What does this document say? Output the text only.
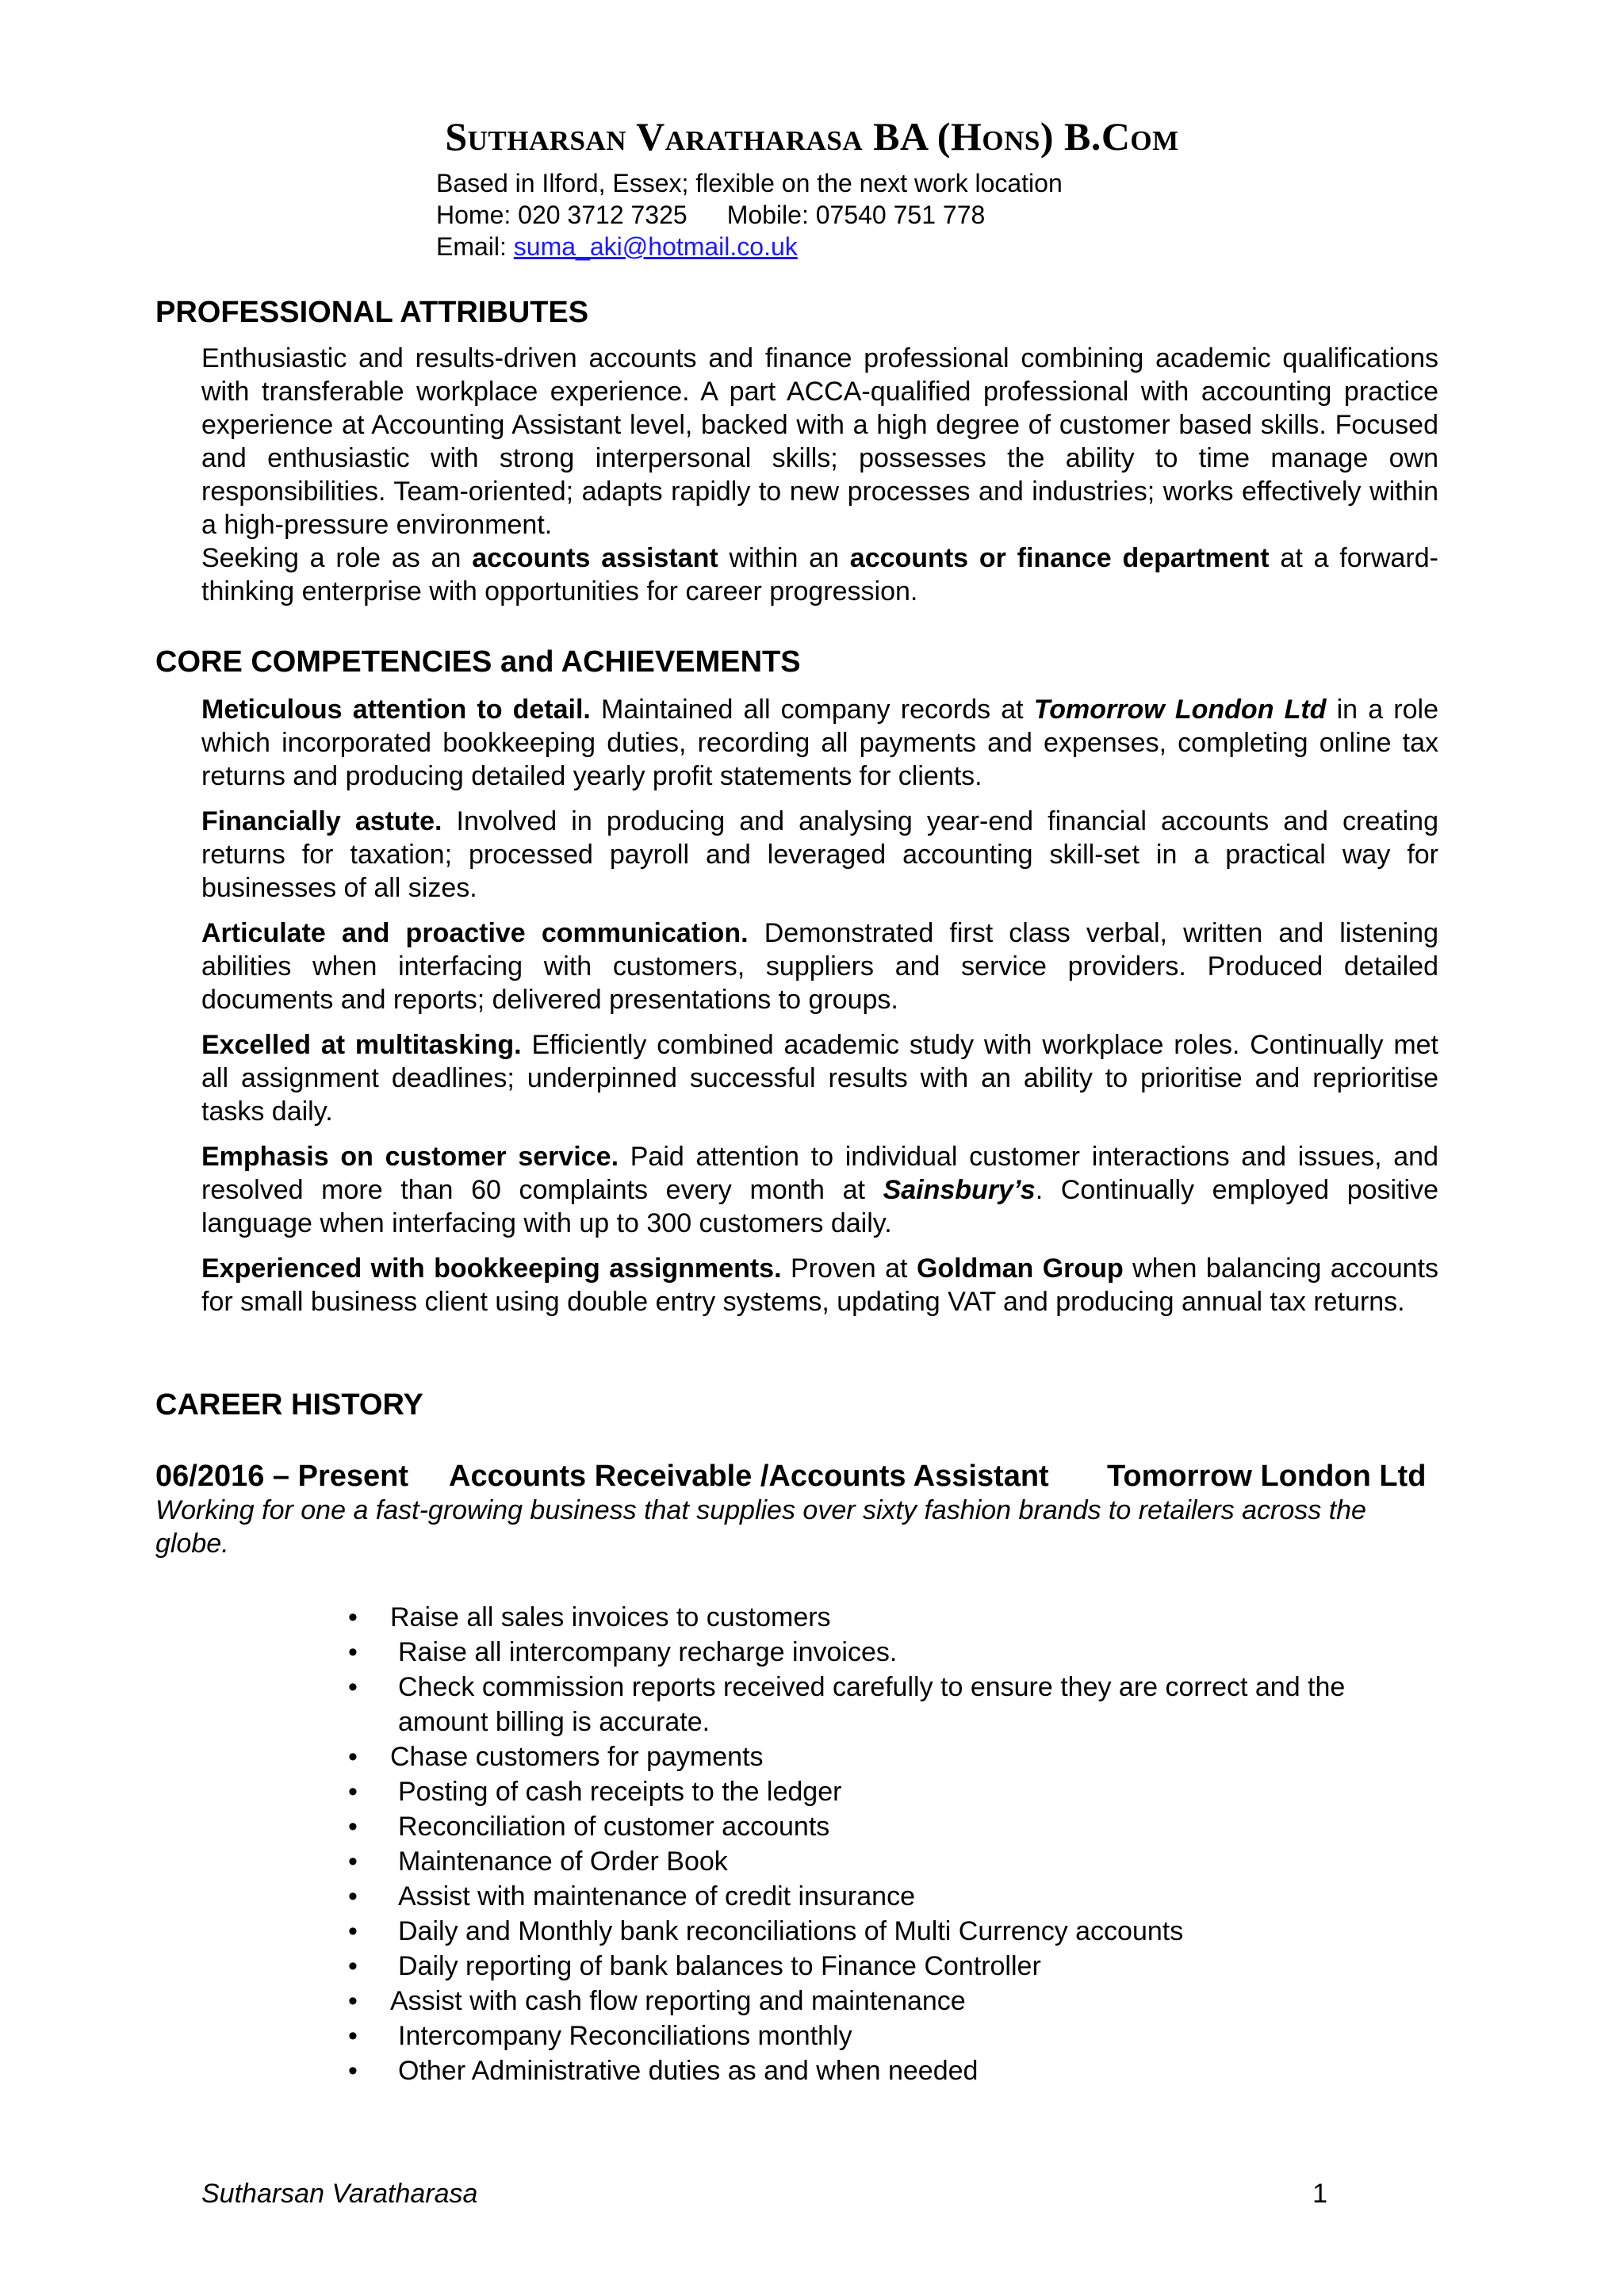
Sutharsan Varatharasa BA (Hons) B.Com
Based in Ilford, Essex; flexible on the next work location
Home: 020 3712 7325 Mobile: 07540 751 778
Email: suma_aki@hotmail.co.uk
PROFESSIONAL ATTRIBUTES

Enthusiastic and results-driven accounts and finance professional combining academic qualifications with transferable workplace experience. A part ACCA-qualified professional with accounting practice experience at Accounting Assistant level, backed with a high degree of customer based skills. Focused and enthusiastic with strong interpersonal skills; possesses the ability to time manage own responsibilities. Team-oriented; adapts rapidly to new processes and industries; works effectively within a high-pressure environment.

Seeking a role as an accounts assistant within an accounts or finance department at a forward-thinking enterprise with opportunities for career progression.

CORE COMPETENCIES and ACHIEVEMENTS

Meticulous attention to detail. Maintained all company records at Tomorrow London Ltd in a role which incorporated bookkeeping duties, recording all payments and expenses, completing online tax returns and producing detailed yearly profit statements for clients.

Financially astute. Involved in producing and analysing year-end financial accounts and creating returns for taxation; processed payroll and leveraged accounting skill-set in a practical way for businesses of all sizes.

Articulate and proactive communication. Demonstrated first class verbal, written and listening abilities when interfacing with customers, suppliers and service providers. Produced detailed documents and reports; delivered presentations to groups.

Excelled at multitasking. Efficiently combined academic study with workplace roles. Continually met all assignment deadlines; underpinned successful results with an ability to prioritise and reprioritise tasks daily.

Emphasis on customer service. Paid attention to individual customer interactions and issues, and resolved more than 60 complaints every month at Sainsbury’s. Continually employed positive language when interfacing with up to 300 customers daily.

Experienced with bookkeeping assignments. Proven at Goldman Group when balancing accounts for small business client using double entry systems, updating VAT and producing annual tax returns.

CAREER HISTORY
06/2016 – Present Accounts Receivable /Accounts Assistant Tomorrow London Ltd
Working for one a fast-growing business that supplies over sixty fashion brands to retailers across the globe.
• Raise all sales invoices to customers
• Raise all intercompany recharge invoices.
• Check commission reports received carefully to ensure they are correct and the amount billing is accurate.
• Chase customers for payments
• Posting of cash receipts to the ledger
• Reconciliation of customer accounts
• Maintenance of Order Book
• Assist with maintenance of credit insurance
• Daily and Monthly bank reconciliations of Multi Currency accounts
• Daily reporting of bank balances to Finance Controller
• Assist with cash flow reporting and maintenance
• Intercompany Reconciliations monthly
• Other Administrative duties as and when needed
Sutharsan Varatharasa	1
